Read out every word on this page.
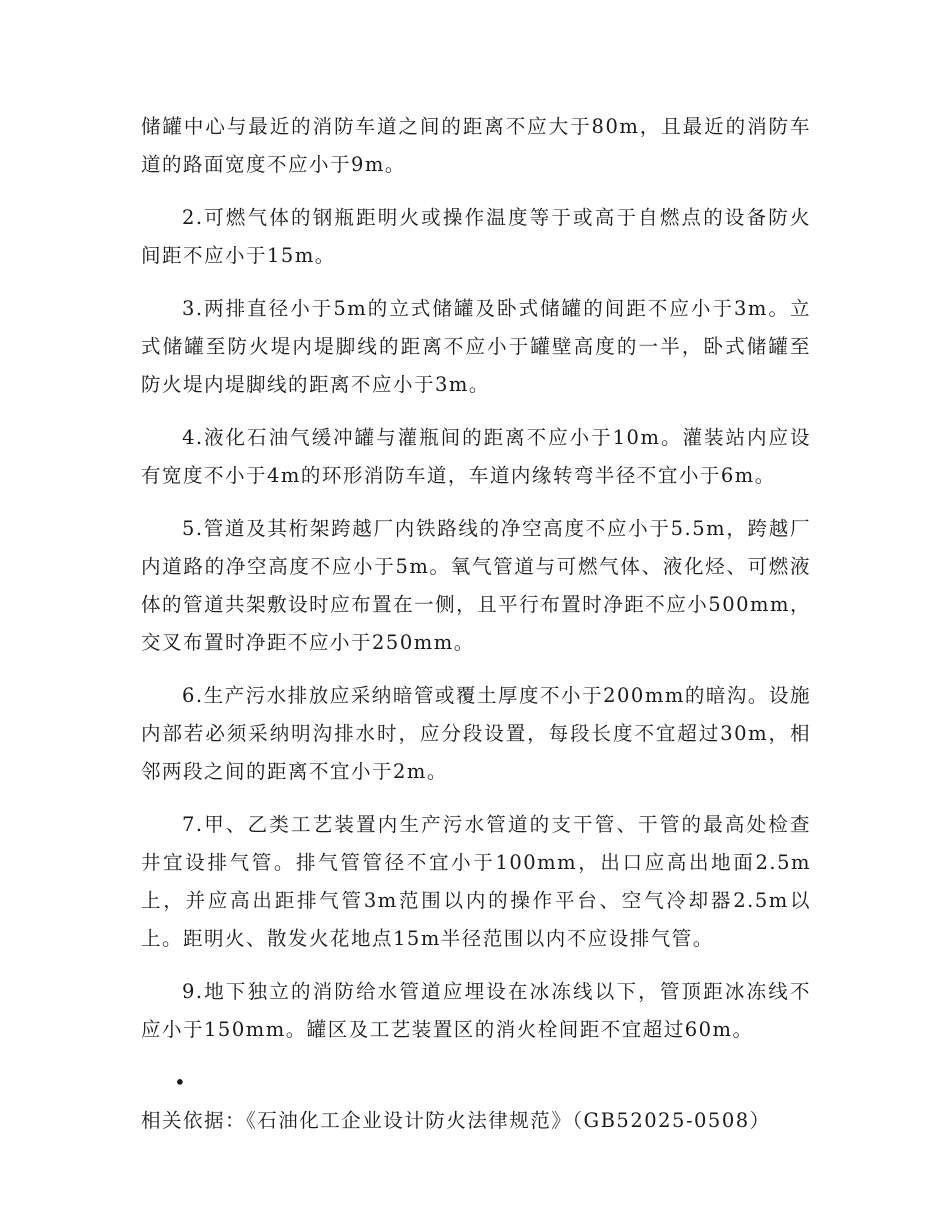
储罐中心与最近的消防车道之间的距离不应大于80m，且最近的消防车道的路面宽度不应小于9m。

2.可燃气体的钢瓶距明火或操作温度等于或高于自燃点的设备防火间距不应小于15m。

3.两排直径小于5m的立式储罐及卧式储罐的间距不应小于3m。立式储罐至防火堤内堤脚线的距离不应小于罐壁高度的一半，卧式储罐至防火堤内堤脚线的距离不应小于3m。

4.液化石油气缓冲罐与灌瓶间的距离不应小于10m。灌装站内应设有宽度不小于4m的环形消防车道，车道内缘转弯半径不宜小于6m。

5.管道及其桁架跨越厂内铁路线的净空高度不应小于5.5m，跨越厂内道路的净空高度不应小于5m。氧气管道与可燃气体、液化烃、可燃液体的管道共架敷设时应布置在一侧，且平行布置时净距不应小500mm，交叉布置时净距不应小于250mm。

6.生产污水排放应采纳暗管或覆土厚度不小于200mm的暗沟。设施内部若必须采纳明沟排水时，应分段设置，每段长度不宜超过30m，相邻两段之间的距离不宜小于2m。

7.甲、乙类工艺装置内生产污水管道的支干管、干管的最高处检查井宜设排气管。排气管管径不宜小于100mm，出口应高出地面2.5m上，并应高出距排气管3m范围以内的操作平台、空气冷却器2.5m以上。距明火、散发火花地点15m半径范围以内不应设排气管。

9.地下独立的消防给水管道应埋设在冰冻线以下，管顶距冰冻线不应小于150mm。罐区及工艺装置区的消火栓间距不宜超过60m。

•相关依据：《石油化工企业设计防火法律规范》（GB52025-0508）
